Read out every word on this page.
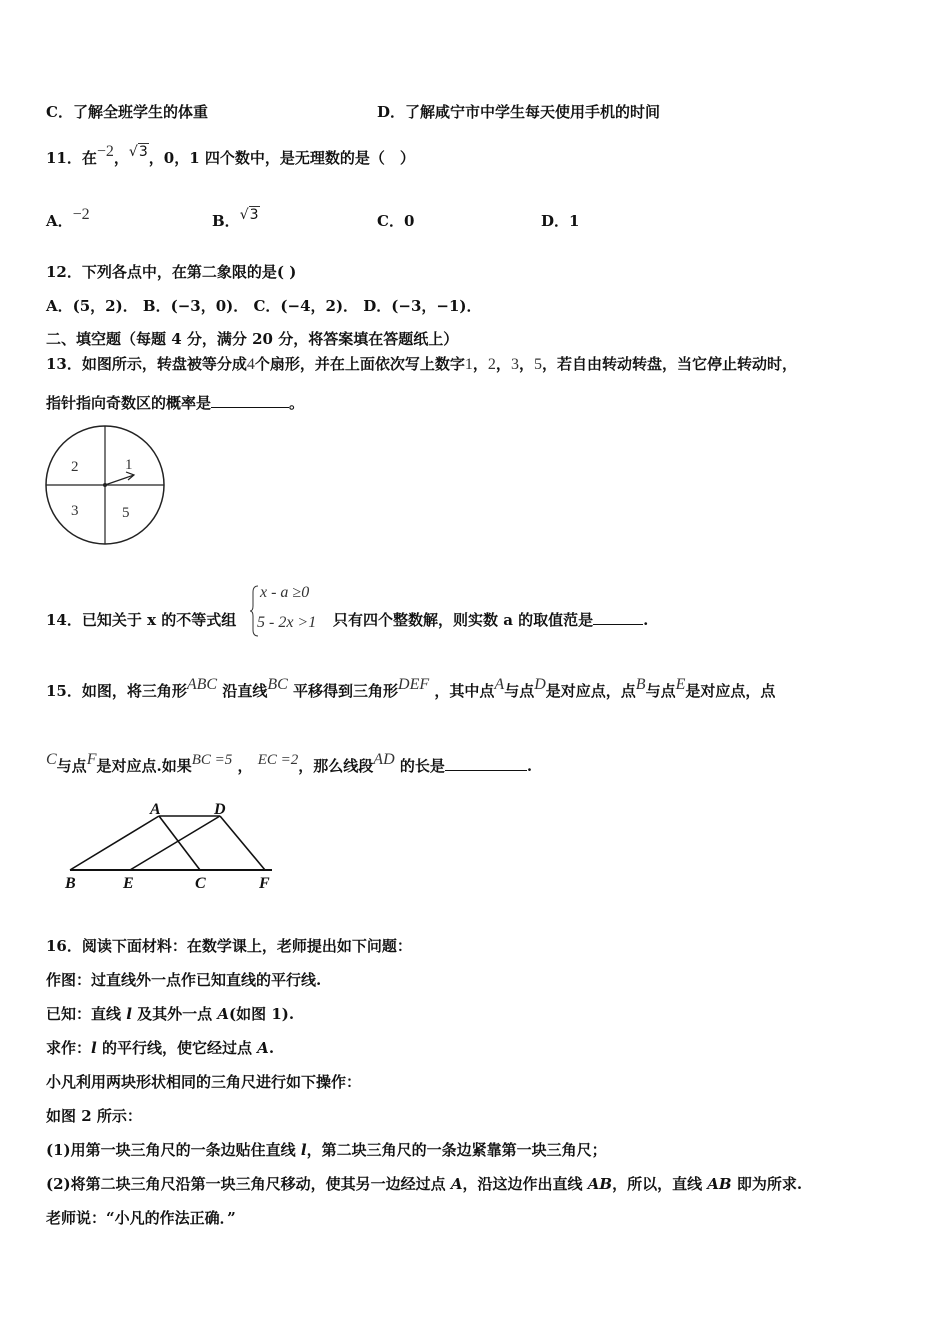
C．了解全班学生的体重	D．了解咸宁市中学生每天使用手机的时间
11．在−2，√3，0，1 四个数中，是无理数的是（　）
A．−2	B．√3	C．0	D．1
12．下列各点中，在第二象限的是( )
A．(5，2)． B．(−3，0)． C．(−4，2)． D．(−3，−1)．
二、填空题（每题 4 分，满分 20 分，将答案填在答题纸上）
13．如图所示，转盘被等分成4个扇形，并在上面依次写上数字1，2，3，5，若自由转动转盘，当它停止转动时，
指针指向奇数区的概率是	。
2	1
3	5
14．已知关于 x 的不等式组
x - a ≥0
5 - 2x >1 只有四个整数解，则实数 a 的取值范是	.
15．如图，将三角形ABC 沿直线BC 平移得到三角形DEF ，其中点A与点D是对应点，点B与点E是对应点，点
C与点F是对应点.如果BC =5 ， EC =2，那么线段AD 的长是	.
A	D
B	E	C	F
16．阅读下面材料：在数学课上，老师提出如下问题：
作图：过直线外一点作已知直线的平行线.
已知：直线 l 及其外一点 A(如图 1).
求作：l 的平行线，使它经过点 A.
小凡利用两块形状相同的三角尺进行如下操作：
如图 2 所示：
(1)用第一块三角尺的一条边贴住直线 l，第二块三角尺的一条边紧靠第一块三角尺；
(2)将第二块三角尺沿第一块三角尺移动，使其另一边经过点 A，沿这边作出直线 AB，所以，直线 AB 即为所求.
老师说：“小凡的作法正确．”
